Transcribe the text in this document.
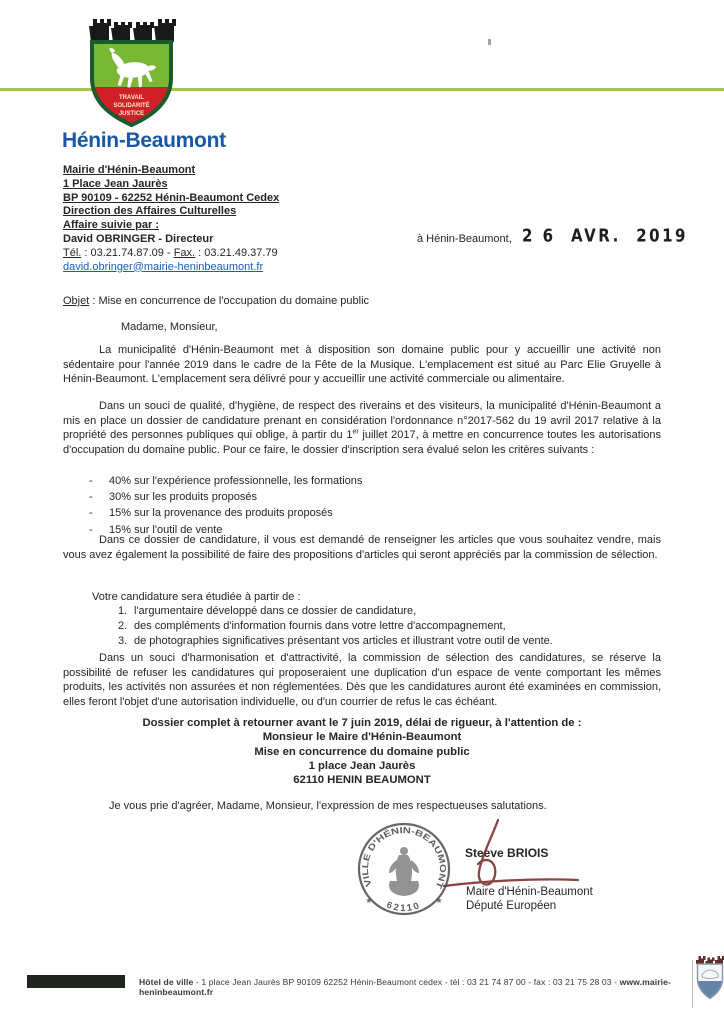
TRAVAIL
SOLIDARITÉ
JUSTICE
Hénin-Beaumont
Mairie d'Hénin-Beaumont
1 Place Jean Jaurès
BP 90109 - 62252 Hénin-Beaumont Cedex
Direction des Affaires Culturelles
Affaire suivie par :
David OBRINGER - Directeur
Tél. : 03.21.74.87.09 - Fax. : 03.21.49.37.79
david.obringer@mairie-heninbeaumont.fr
à Hénin-Beaumont, 2 6  AVR.  2019
Objet : Mise en concurrence de l'occupation du domaine public
Madame, Monsieur,
La municipalité d'Hénin-Beaumont met à disposition son domaine public pour y accueillir une activité non sédentaire pour l'année 2019 dans le cadre de la Fête de la Musique. L'emplacement est situé au Parc Elie Gruyelle à Hénin-Beaumont. L'emplacement sera délivré pour y accueillir une activité commerciale ou alimentaire.
Dans un souci de qualité, d'hygiène, de respect des riverains et des visiteurs, la municipalité d'Hénin-Beaumont a mis en place un dossier de candidature prenant en considération l'ordonnance n°2017-562 du 19 avril 2017 relative à la propriété des personnes publiques qui oblige, à partir du 1er juillet 2017, à mettre en concurrence toutes les autorisations d'occupation du domaine public. Pour ce faire, le dossier d'inscription sera évalué selon les critères suivants :
-	40% sur l'expérience professionnelle, les formations
-	30% sur les produits proposés
-	15% sur la provenance des produits proposés
-	15% sur l'outil de vente
Dans ce dossier de candidature, il vous est demandé de renseigner les articles que vous souhaitez vendre, mais vous avez également la possibilité de faire des propositions d'articles qui seront appréciés par la commission de sélection.
Votre candidature sera étudiée à partir de :
1. l'argumentaire développé dans ce dossier de candidature,
2. des compléments d'information fournis dans votre lettre d'accompagnement,
3. de photographies significatives présentant vos articles et illustrant votre outil de vente.
Dans un souci d'harmonisation et d'attractivité, la commission de sélection des candidatures, se réserve la possibilité de refuser les candidatures qui proposeraient une duplication d'un espace de vente comportant les mêmes produits, les activités non assurées et non réglementées. Dès que les candidatures auront été examinées en commission, elles feront l'objet d'une autorisation individuelle, ou d'un courrier de refus le cas échéant.
Dossier complet à retourner avant le 7 juin 2019, délai de rigueur, à l'attention de :
Monsieur le Maire d'Hénin-Beaumont
Mise en concurrence du domaine public
1 place Jean Jaurès
62110 HENIN BEAUMONT
Je vous prie d'agréer, Madame, Monsieur, l'expression de mes respectueuses salutations.
VILLE D'HÉNIN-BEAUMONT
62110
★	★
Steeve BRIOIS
Maire d'Hénin-Beaumont
Député Européen
Hôtel de ville - 1 place Jean Jaurès BP 90109 62252 Hénin-Beaumont cedex - tél : 03 21 74 87 00 - fax : 03 21 75 28 03 - www.mairie-heninbeaumont.fr
